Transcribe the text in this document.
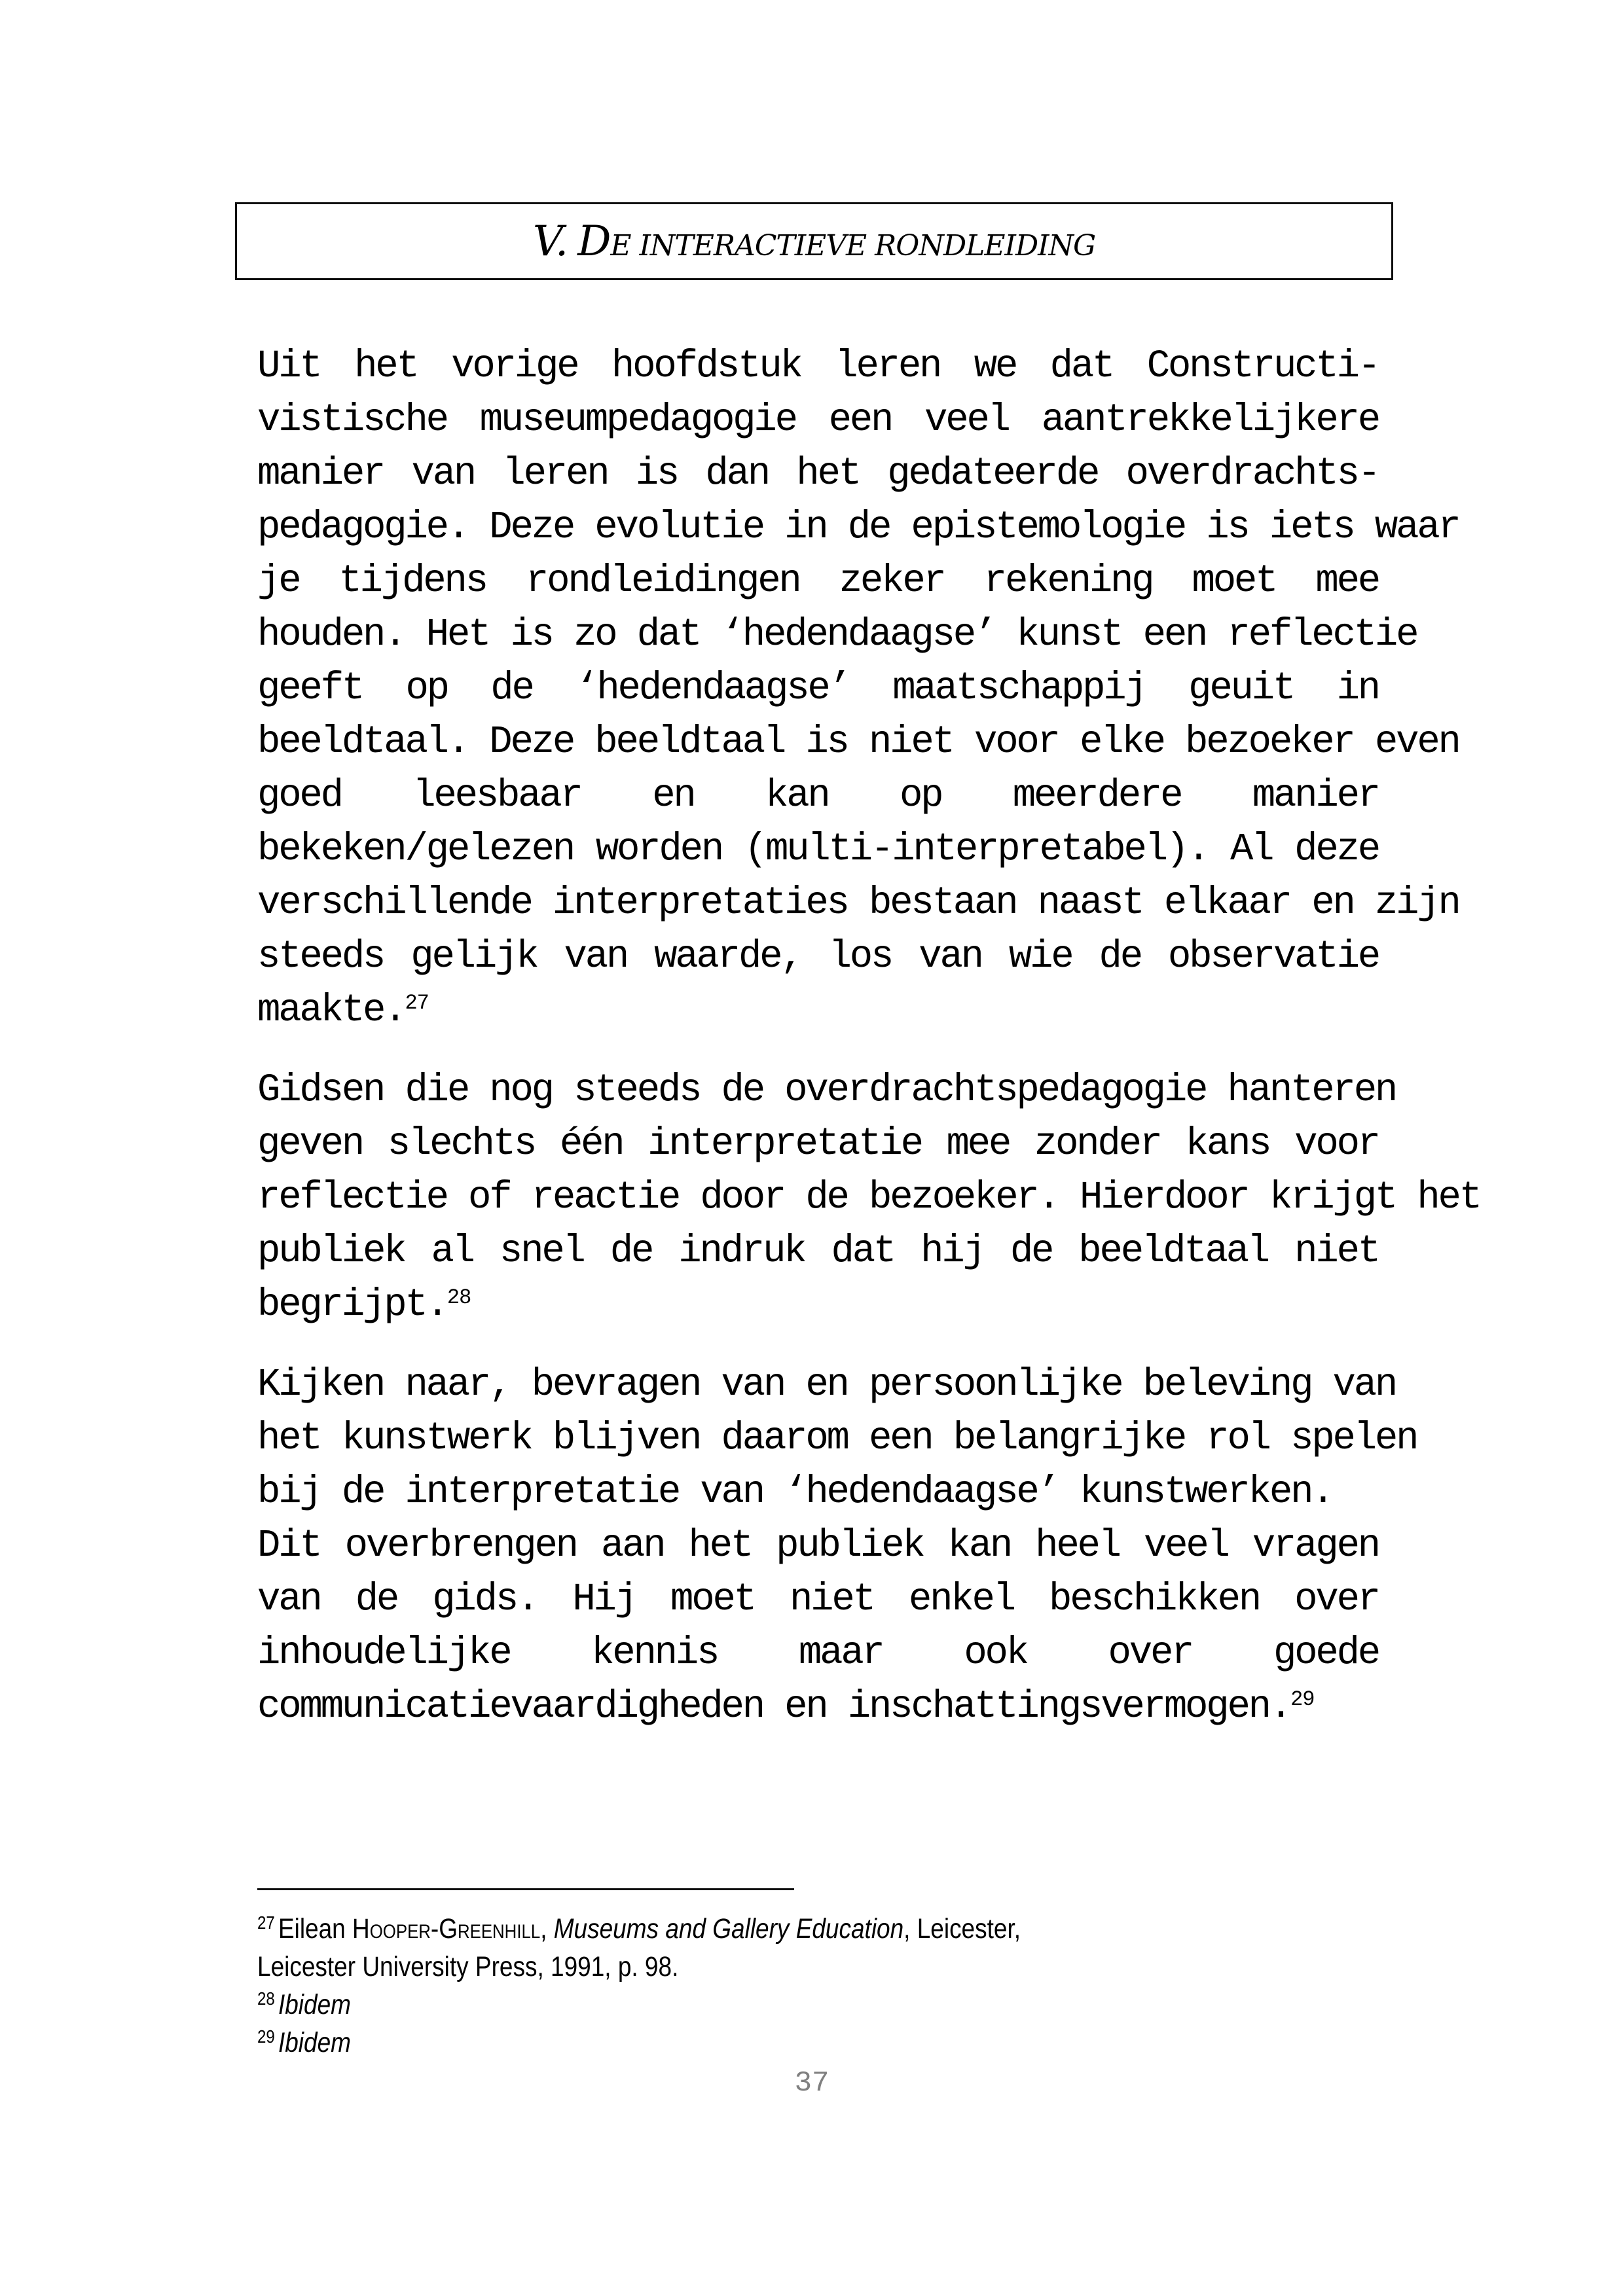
V. DE INTERACTIEVE RONDLEIDING
Uit het vorige hoofdstuk leren we dat Constructi-
vistische museumpedagogie een veel aantrekkelijkere
manier van leren is dan het gedateerde overdrachts-
pedagogie. Deze evolutie in de epistemologie is iets waar
je tijdens rondleidingen zeker rekening moet mee
houden. Het is zo dat ‘hedendaagse’ kunst een reflectie
geeft op de ‘hedendaagse’ maatschappij geuit in
beeldtaal. Deze beeldtaal is niet voor elke bezoeker even
goed leesbaar en kan op meerdere manier
bekeken/gelezen worden (multi-interpretabel). Al deze
verschillende interpretaties bestaan naast elkaar en zijn
steeds gelijk van waarde, los van wie de observatie
maakte.$^{27}$
Gidsen die nog steeds de overdrachtspedagogie hanteren
geven slechts één interpretatie mee zonder kans voor
reflectie of reactie door de bezoeker. Hierdoor krijgt het
publiek al snel de indruk dat hij de beeldtaal niet
begrijpt.$^{28}$
Kijken naar, bevragen van en persoonlijke beleving van
het kunstwerk blijven daarom een belangrijke rol spelen
bij de interpretatie van ‘hedendaagse’ kunstwerken.
Dit overbrengen aan het publiek kan heel veel vragen
van de gids. Hij moet niet enkel beschikken over
inhoudelijke kennis maar ook over goede
communicatievaardigheden en inschattingsvermogen.$^{29}$
$^{27}$ Eilean Hooper-Greenhill, Museums and Gallery Education, Leicester,
Leicester University Press, 1991, p. 98.
$^{28}$ Ibidem
$^{29}$ Ibidem
37
